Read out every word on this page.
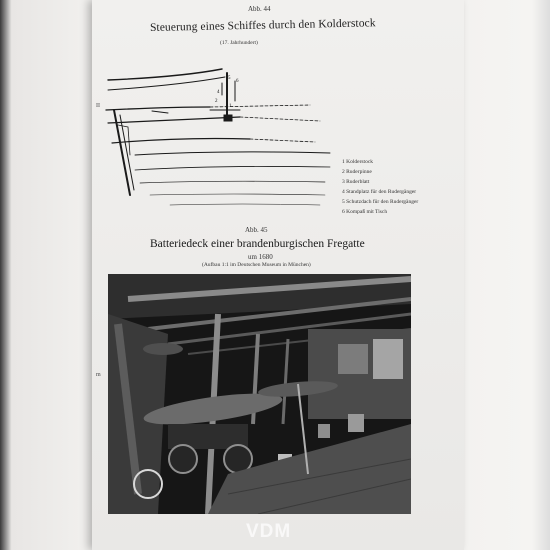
II
m
Abb. 44
Steuerung eines Schiffes durch den Kolderstock
(17. Jahrhundert)
1
2
4
5
6
1 Kolderstock
2 Ruderpinne
3 Ruderblatt
4 Standplatz für den Rudergänger
5 Schutzdach für den Rudergänger
6 Kompaß mit Tisch
Abb. 45
Batteriedeck einer brandenburgischen Fregatte
um 1680
(Aufbau 1:1 im Deutschen Museum in München)
VDM
